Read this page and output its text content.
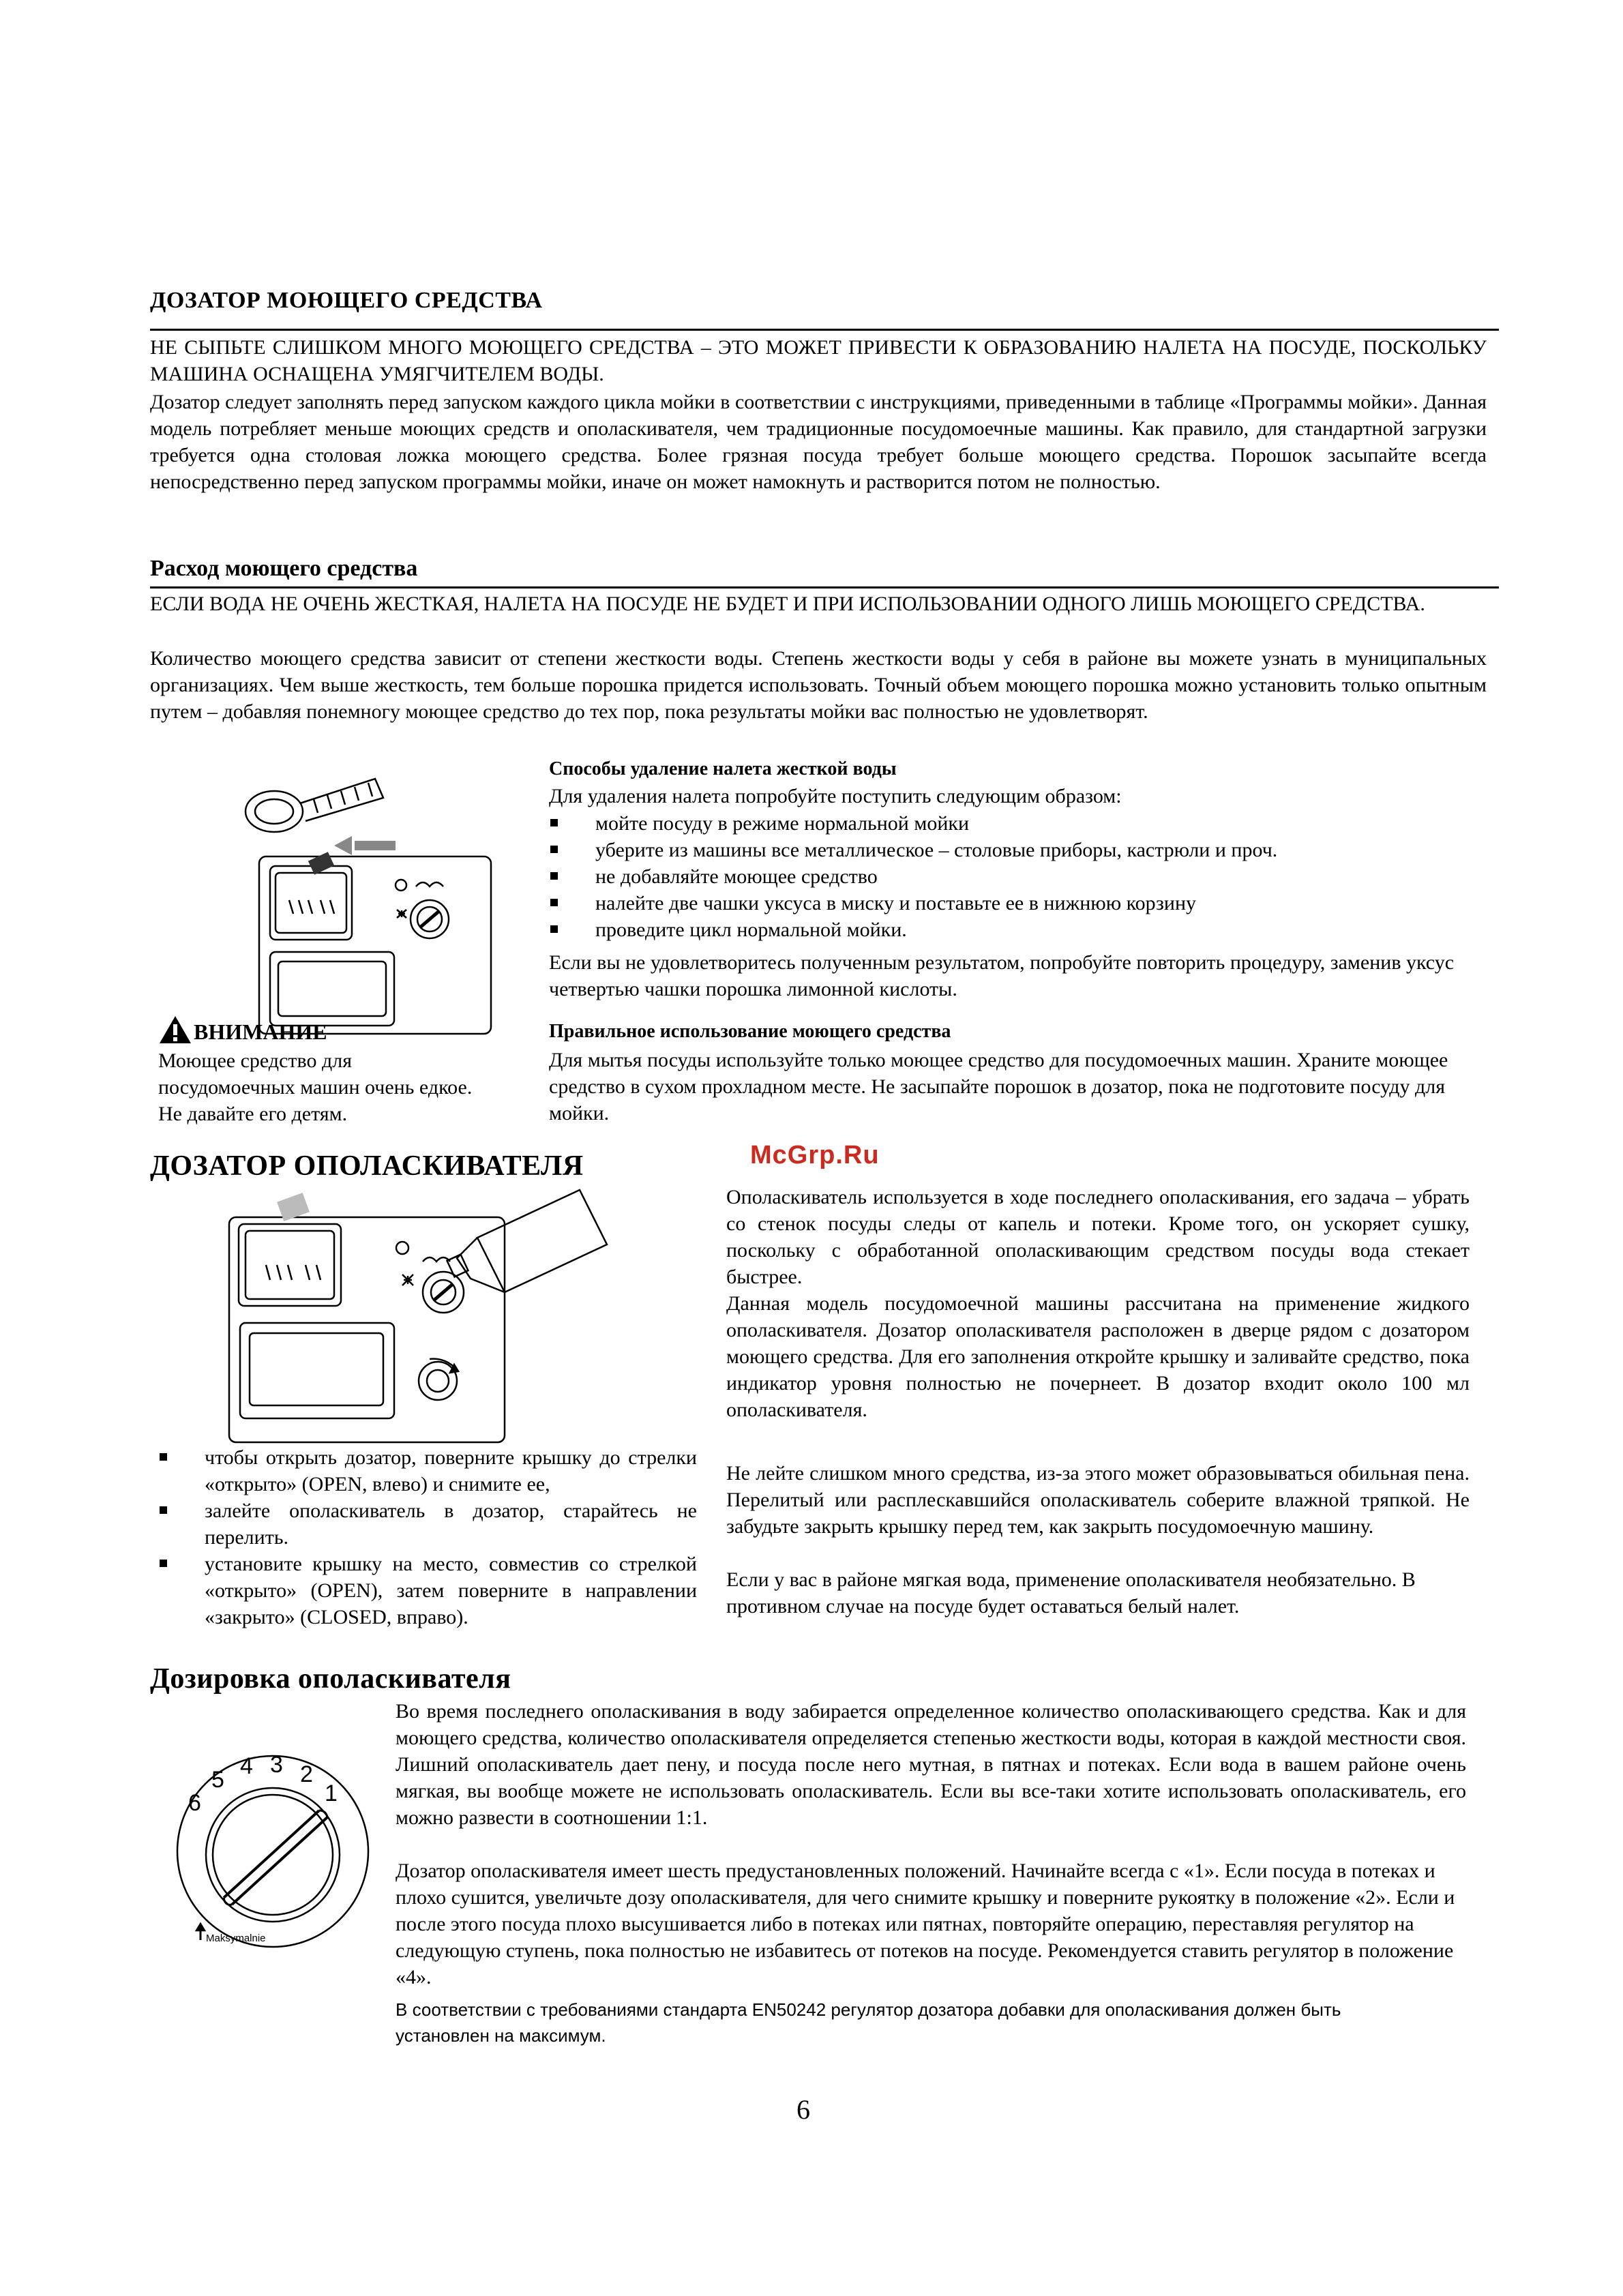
ДОЗАТОР МОЮЩЕГО СРЕДСТВА
НЕ СЫПЬТЕ СЛИШКОМ МНОГО МОЮЩЕГО СРЕДСТВА – ЭТО МОЖЕТ ПРИВЕСТИ К ОБРАЗОВАНИЮ НАЛЕТА НА ПОСУДЕ, ПОСКОЛЬКУ МАШИНА ОСНАЩЕНА УМЯГЧИТЕЛЕМ ВОДЫ.
Дозатор следует заполнять перед запуском каждого цикла мойки в соответствии с инструкциями, приведенными в таблице «Программы мойки». Данная модель потребляет меньше моющих средств и ополаскивателя, чем традиционные посудомоечные машины. Как правило, для стандартной загрузки требуется одна столовая ложка моющего средства. Более грязная посуда требует больше моющего средства. Порошок засыпайте всегда непосредственно перед запуском программы мойки, иначе он может намокнуть и растворится потом не полностью.
Расход моющего средства
ЕСЛИ ВОДА НЕ ОЧЕНЬ ЖЕСТКАЯ, НАЛЕТА НА ПОСУДЕ НЕ БУДЕТ И ПРИ ИСПОЛЬЗОВАНИИ ОДНОГО ЛИШЬ МОЮЩЕГО СРЕДСТВА.
Количество моющего средства зависит от степени жесткости воды. Степень жесткости воды у себя в районе вы можете узнать в муниципальных организациях. Чем выше жесткость, тем больше порошка придется использовать. Точный объем моющего порошка можно установить только опытным путем – добавляя понемногу моющее средство до тех пор, пока результаты мойки вас полностью не удовлетворят.
ВНИМАНИЕ
Моющее средство для посудомоечных машин очень едкое. Не давайте его детям.
Способы удаление налета жесткой воды
Для удаления налета попробуйте поступить следующим образом:
мойте посуду в режиме нормальной мойки
уберите из машины все металлическое – столовые приборы, кастрюли и проч.
не добавляйте моющее средство
налейте две чашки уксуса в миску и поставьте ее в нижнюю корзину
проведите цикл нормальной мойки.
Если вы не удовлетворитесь полученным результатом, попробуйте повторить процедуру, заменив уксус четвертью чашки порошка лимонной кислоты.
Правильное использование моющего средства
Для мытья посуды используйте только моющее средство для посудомоечных машин. Храните моющее средство в сухом прохладном месте. Не засыпайте порошок в дозатор, пока не подготовите посуду для мойки.
McGrp.Ru
ДОЗАТОР ОПОЛАСКИВАТЕЛЯ
чтобы открыть дозатор, поверните крышку до стрелки «открыто» (OPEN, влево) и снимите ее,
залейте ополаскиватель в дозатор, старайтесь не перелить.
установите крышку на место, совместив со стрелкой «открыто» (OPEN), затем поверните в направлении «закрыто» (CLOSED, вправо).
Ополаскиватель используется в ходе последнего ополаскивания, его задача – убрать со стенок посуды следы от капель и потеки. Кроме того, он ускоряет сушку, поскольку с обработанной ополаскивающим средством посуды вода стекает быстрее.
Данная модель посудомоечной машины рассчитана на применение жидкого ополаскивателя. Дозатор ополаскивателя расположен в дверце рядом с дозатором моющего средства. Для его заполнения откройте крышку и заливайте средство, пока индикатор уровня полностью не почернеет. В дозатор входит около 100 мл ополаскивателя.
Не лейте слишком много средства, из-за этого может образовываться обильная пена. Перелитый или расплескавшийся ополаскиватель соберите влажной тряпкой. Не забудьте закрыть крышку перед тем, как закрыть посудомоечную машину.
Если у вас в районе мягкая вода, применение ополаскивателя необязательно. В противном случае на посуде будет оставаться белый налет.
Дозировка ополаскивателя
6
5
4 3 2
1
Maksymalnie
Во время последнего ополаскивания в воду забирается определенное количество ополаскивающего средства. Как и для моющего средства, количество ополаскивателя определяется степенью жесткости воды, которая в каждой местности своя. Лишний ополаскиватель дает пену, и посуда после него мутная, в пятнах и потеках. Если вода в вашем районе очень мягкая, вы вообще можете не использовать ополаскиватель. Если вы все-таки хотите использовать ополаскиватель, его можно развести в соотношении 1:1.
Дозатор ополаскивателя имеет шесть предустановленных положений. Начинайте всегда с «1». Если посуда в потеках и плохо сушится, увеличьте дозу ополаскивателя, для чего снимите крышку и поверните рукоятку в положение «2». Если и после этого посуда плохо высушивается либо в потеках или пятнах, повторяйте операцию, переставляя регулятор на следующую ступень, пока полностью не избавитесь от потеков на посуде. Рекомендуется ставить регулятор в положение «4».
В соответствии с требованиями стандарта EN50242 регулятор дозатора добавки для ополаскивания должен быть
установлен на максимум.
6
